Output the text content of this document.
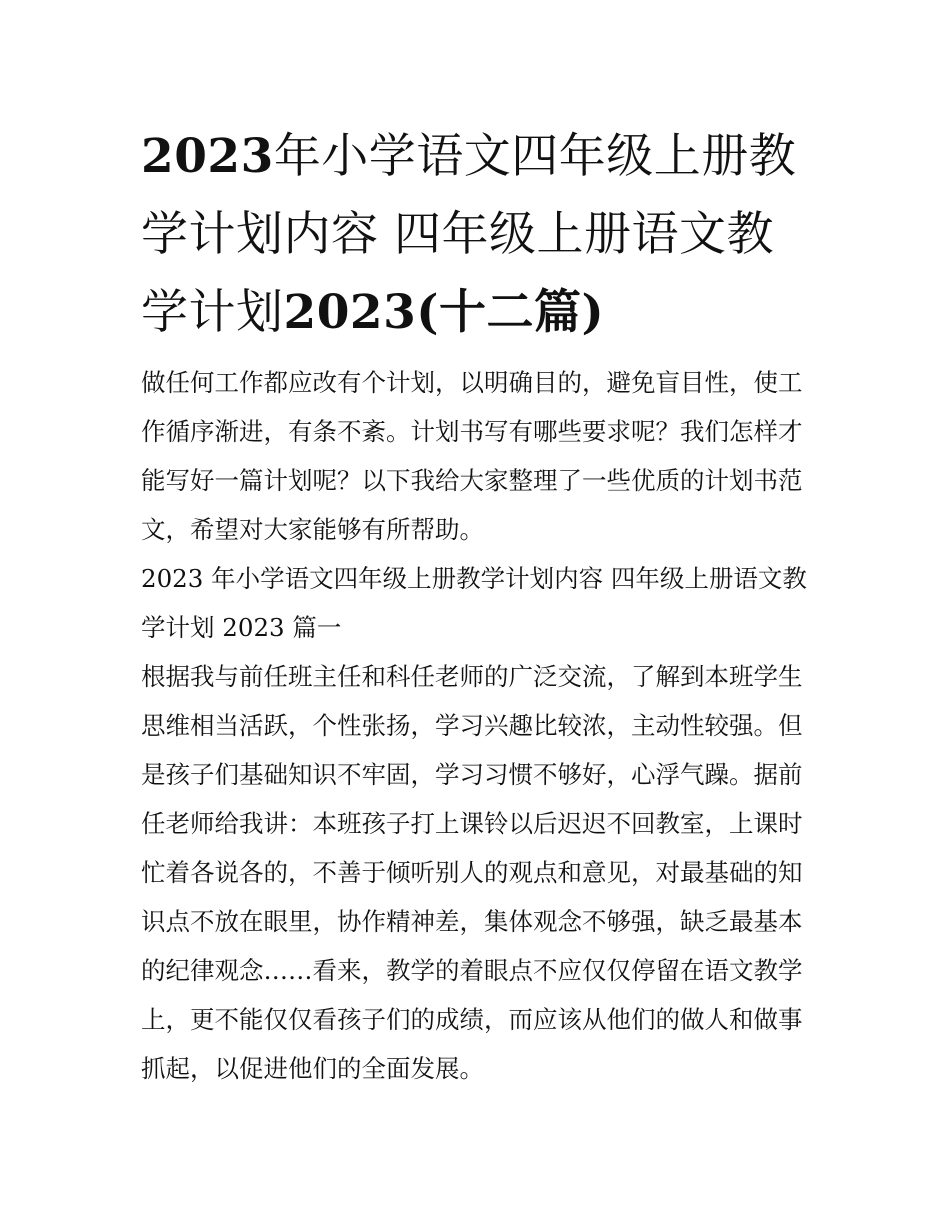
2023年小学语文四年级上册教
学计划内容 四年级上册语文教
学计划2023(十二篇)

做任何工作都应改有个计划，以明确目的，避免盲目性，使工
作循序渐进，有条不紊。计划书写有哪些要求呢？我们怎样才
能写好一篇计划呢？以下我给大家整理了一些优质的计划书范
文，希望对大家能够有所帮助。

2023 年小学语文四年级上册教学计划内容 四年级上册语文教
学计划 2023 篇一

根据我与前任班主任和科任老师的广泛交流，了解到本班学生
思维相当活跃，个性张扬，学习兴趣比较浓，主动性较强。但
是孩子们基础知识不牢固，学习习惯不够好，心浮气躁。据前
任老师给我讲：本班孩子打上课铃以后迟迟不回教室，上课时
忙着各说各的，不善于倾听别人的观点和意见，对最基础的知
识点不放在眼里，协作精神差，集体观念不够强，缺乏最基本
的纪律观念……看来，教学的着眼点不应仅仅停留在语文教学
上，更不能仅仅看孩子们的成绩，而应该从他们的做人和做事
抓起，以促进他们的全面发展。
